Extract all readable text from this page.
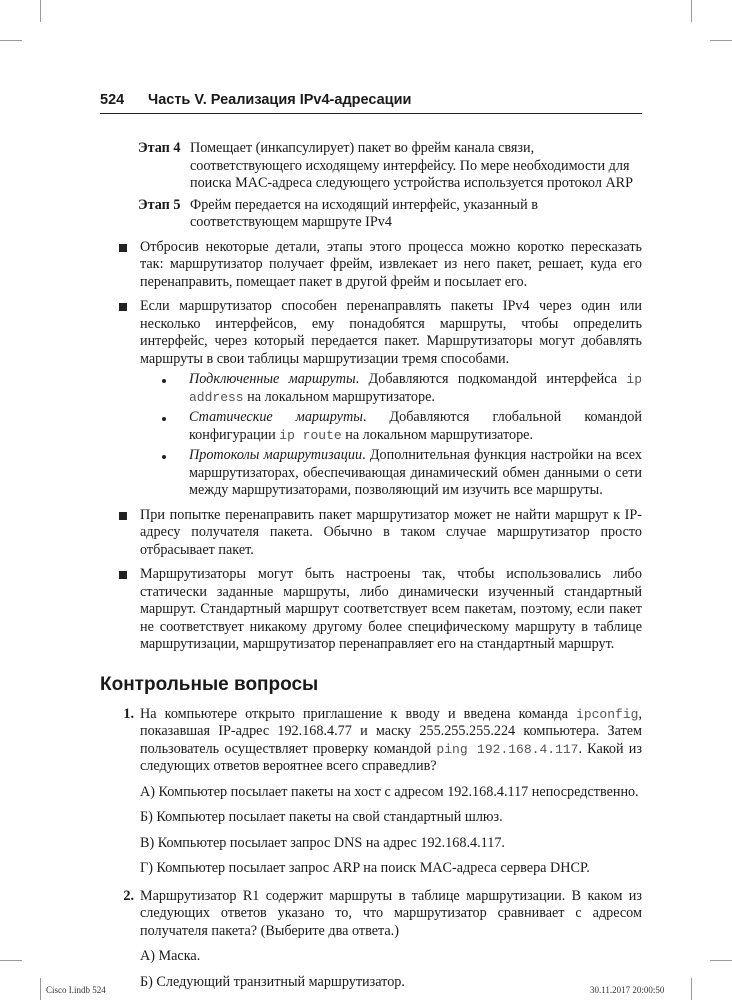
524 Часть V. Реализация IPv4-адресации
Этап 4 Помещает (инкапсулирует) пакет во фрейм канала связи, соответствующего исходящему интерфейсу. По мере необходимости для поиска MAC-адреса следующего устройства используется протокол ARP
Этап 5 Фрейм передается на исходящий интерфейс, указанный в соответствующем маршруте IPv4
Отбросив некоторые детали, этапы этого процесса можно коротко пересказать так: маршрутизатор получает фрейм, извлекает из него пакет, решает, куда его перенаправить, помещает пакет в другой фрейм и посылает его.
Если маршрутизатор способен перенаправлять пакеты IPv4 через один или несколько интерфейсов, ему понадобятся маршруты, чтобы определить интерфейс, через который передается пакет. Маршрутизаторы могут добавлять маршруты в свои таблицы маршрутизации тремя способами.
Подключенные маршруты. Добавляются подкомандой интерфейса ip address на локальном маршрутизаторе.
Статические маршруты. Добавляются глобальной командой конфигурации ip route на локальном маршрутизаторе.
Протоколы маршрутизации. Дополнительная функция настройки на всех маршрутизаторах, обеспечивающая динамический обмен данными о сети между маршрутизаторами, позволяющий им изучить все маршруты.
При попытке перенаправить пакет маршрутизатор может не найти маршрут к IP-адресу получателя пакета. Обычно в таком случае маршрутизатор просто отбрасывает пакет.
Маршрутизаторы могут быть настроены так, чтобы использовались либо статически заданные маршруты, либо динамически изученный стандартный маршрут. Стандартный маршрут соответствует всем пакетам, поэтому, если пакет не соответствует никакому другому более специфическому маршруту в таблице маршрутизации, маршрутизатор перенаправляет его на стандартный маршрут.
Контрольные вопросы
1. На компьютере открыто приглашение к вводу и введена команда ipconfig, показавшая IP-адрес 192.168.4.77 и маску 255.255.255.224 компьютера. Затем пользователь осуществляет проверку командой ping 192.168.4.117. Какой из следующих ответов вероятнее всего справедлив?
А) Компьютер посылает пакеты на хост с адресом 192.168.4.117 непосредственно.
Б) Компьютер посылает пакеты на свой стандартный шлюз.
В) Компьютер посылает запрос DNS на адрес 192.168.4.117.
Г) Компьютер посылает запрос ARP на поиск MAC-адреса сервера DHCP.
2. Маршрутизатор R1 содержит маршруты в таблице маршрутизации. В каком из следующих ответов указано то, что маршрутизатор сравнивает с адресом получателя пакета? (Выберите два ответа.)
А) Маска.
Б) Следующий транзитный маршрутизатор.
Cisco I.indb 524	30.11.2017 20:00:50
